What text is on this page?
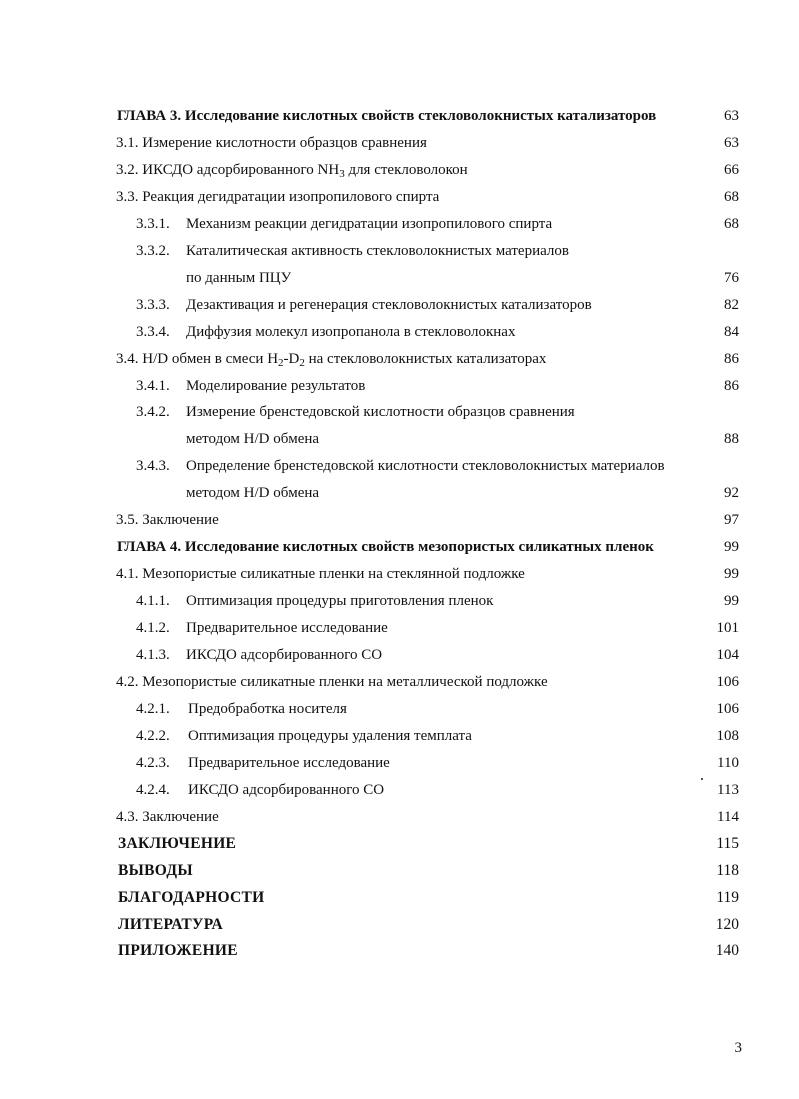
ГЛАВА 3. Исследование кислотных свойств стекловолокнистых катализаторов	63
3.1. Измерение кислотности образцов сравнения	63
3.2. ИКСДО адсорбированного $NH_3$ для стекловолокон	66
3.3. Реакция дегидратации изопропилового спирта	68
3.3.1. Механизм реакции дегидратации изопропилового спирта	68
3.3.2. Каталитическая активность стекловолокнистых материалов
по данным ПЦУ	76
3.3.3. Дезактивация и регенерация стекловолокнистых катализаторов	82
3.3.4. Диффузия молекул изопропанола в стекловолокнах	84
3.4. H/D обмен в смеси $H_2-D_2$ на стекловолокнистых катализаторах	86
3.4.1. Моделирование результатов	86
3.4.2. Измерение бренстедовской кислотности образцов сравнения
методом H/D обмена	88
3.4.3. Определение бренстедовской кислотности стекловолокнистых материалов
методом H/D обмена	92
3.5. Заключение	97
ГЛАВА 4. Исследование кислотных свойств мезопористых силикатных пленок	99
4.1. Мезопористые силикатные пленки на стеклянной подложке	99
4.1.1. Оптимизация процедуры приготовления пленок	99
4.1.2. Предварительное исследование	101
4.1.3. ИКСДО адсорбированного СО	104
4.2. Мезопористые силикатные пленки на металлической подложке	106
4.2.1. Предобработка носителя	106
4.2.2. Оптимизация процедуры удаления темплата	108
4.2.3. Предварительное исследование	110
4.2.4. ИКСДО адсорбированного СО	113
4.3. Заключение	114
ЗАКЛЮЧЕНИЕ	115
ВЫВОДЫ	118
БЛАГОДАРНОСТИ	119
ЛИТЕРАТУРА	120
ПРИЛОЖЕНИЕ	140
3
